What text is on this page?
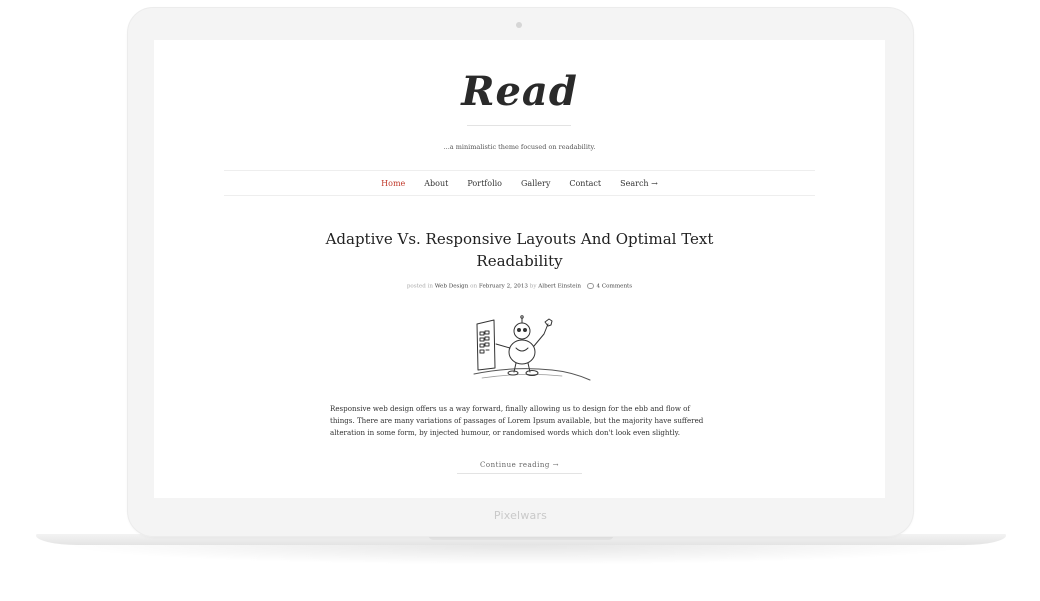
Read
...a minimalistic theme focused on readability.
Home About Portfolio Gallery Contact Search →
Adaptive Vs. Responsive Layouts And Optimal Text Readability
posted in Web Design on February 2, 2013 by Albert Einstein	4 Comments

Responsive web design offers us a way forward, finally allowing us to design for the ebb and flow of things. There are many variations of passages of Lorem Ipsum available, but the majority have suffered alteration in some form, by injected humour, or randomised words which don't look even slightly.

Continue reading →
Pixelwars
